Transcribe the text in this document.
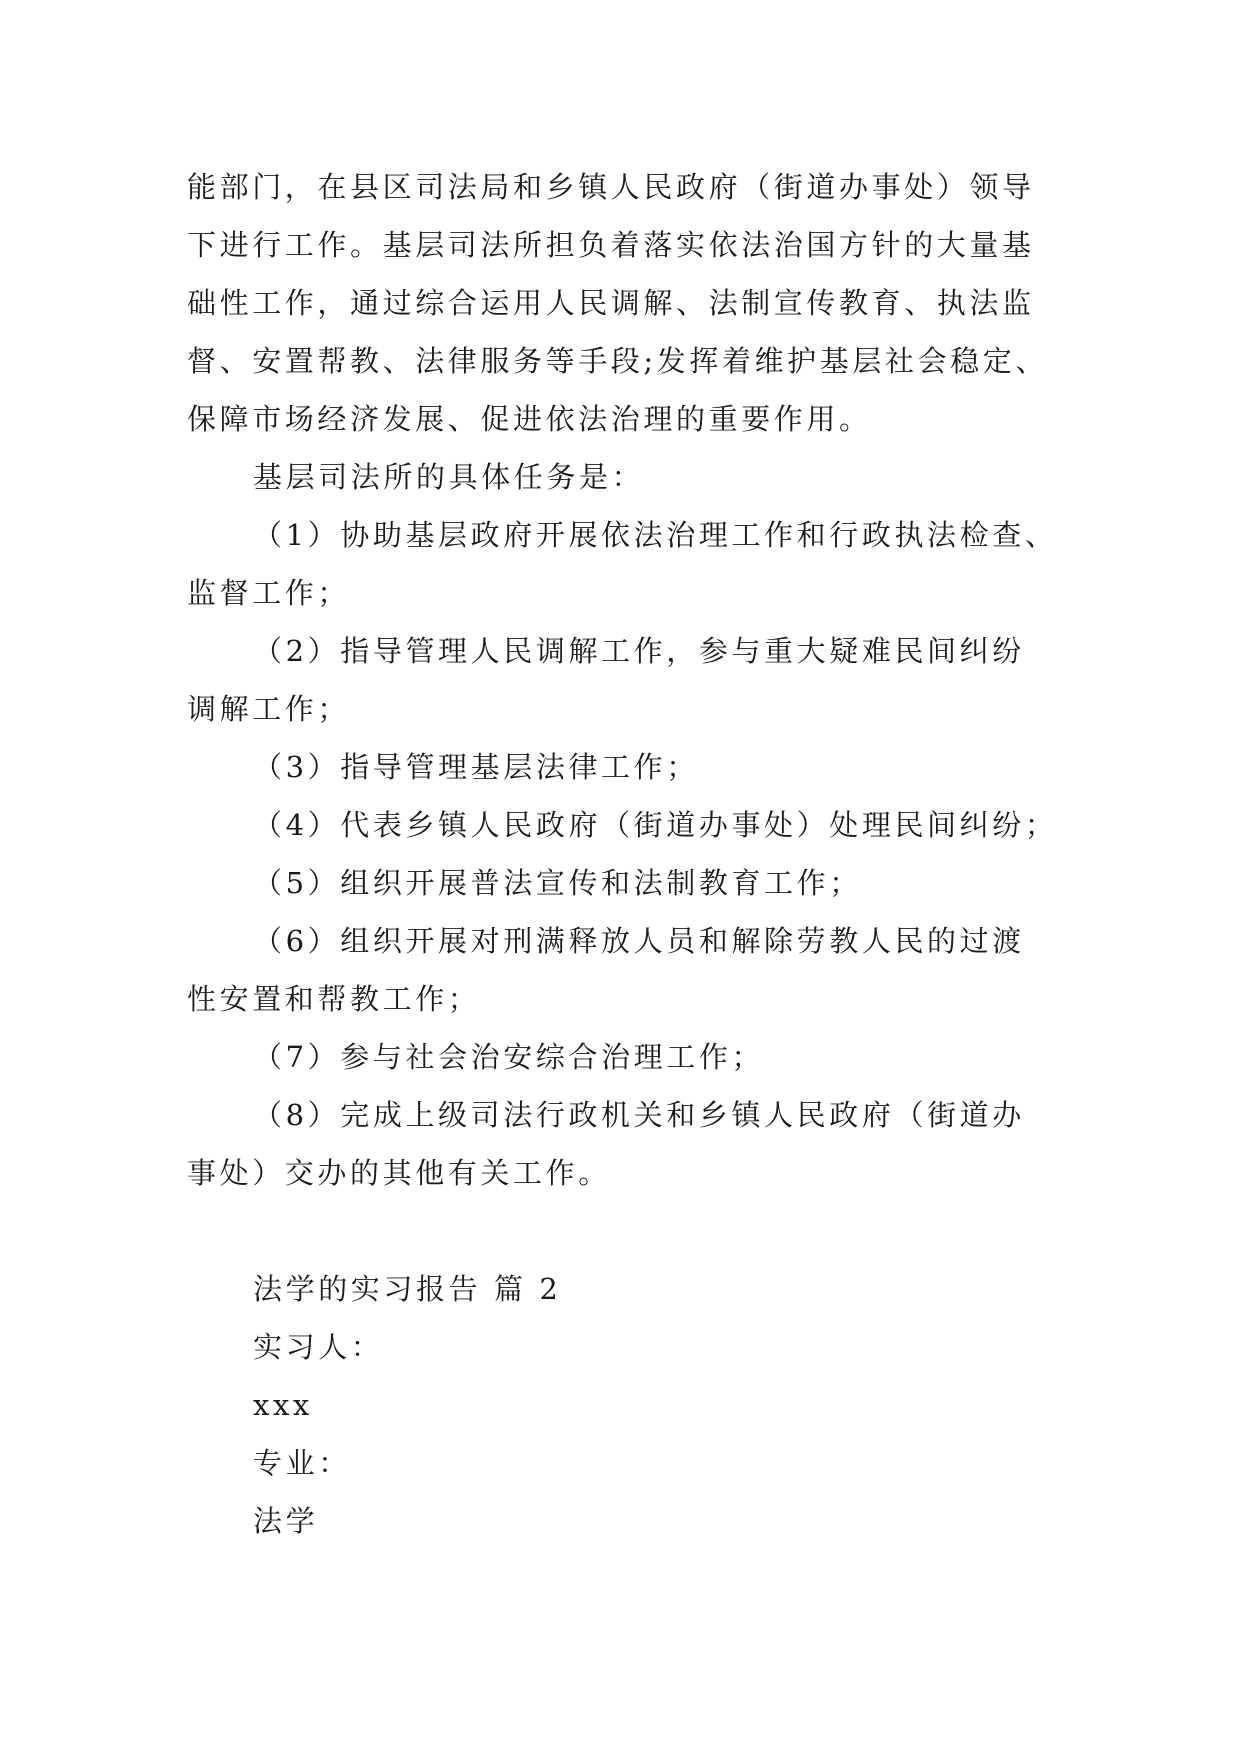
能部门，在县区司法局和乡镇人民政府（街道办事处）领导
下进行工作。基层司法所担负着落实依法治国方针的大量基
础性工作，通过综合运用人民调解、法制宣传教育、执法监
督、安置帮教、法律服务等手段;发挥着维护基层社会稳定、
保障市场经济发展、促进依法治理的重要作用。
基层司法所的具体任务是：
（1）协助基层政府开展依法治理工作和行政执法检查、
监督工作；
（2）指导管理人民调解工作，参与重大疑难民间纠纷
调解工作；
（3）指导管理基层法律工作；
（4）代表乡镇人民政府（街道办事处）处理民间纠纷；
（5）组织开展普法宣传和法制教育工作；
（6）组织开展对刑满释放人员和解除劳教人民的过渡
性安置和帮教工作；
（7）参与社会治安综合治理工作；
（8）完成上级司法行政机关和乡镇人民政府（街道办
事处）交办的其他有关工作。
法学的实习报告 篇 2
实习人：
xxx
专业：
法学
